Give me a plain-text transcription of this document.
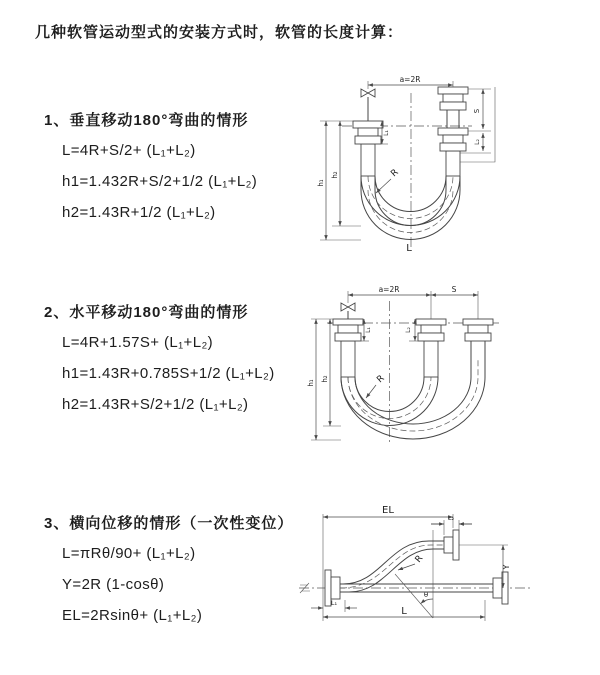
几种软管运动型式的安装方式时，软管的长度计算：
1、垂直移动180°弯曲的情形
L=4R+S/2+ (L₁+L₂)
h1=1.432R+S/2+1/2 (L₁+L₂)
h2=1.43R+1/2 (L₁+L₂)
2、水平移动180°弯曲的情形
L=4R+1.57S+ (L₁+L₂)
h1=1.43R+0.785S+1/2 (L₁+L₂)
h2=1.43R+S/2+1/2 (L₁+L₂)
3、横向位移的情形（一次性变位）
L=πRθ/90+ (L₁+L₂)
Y=2R (1-cosθ)
EL=2Rsinθ+ (L₁+L₂)
a=2R
S
L₂
h₁
h₂
L₁
R
L
a=2R	S
h₁
h₂
L₁	L₂
R
θ
EL
L₂
Y
L
L₁
R
